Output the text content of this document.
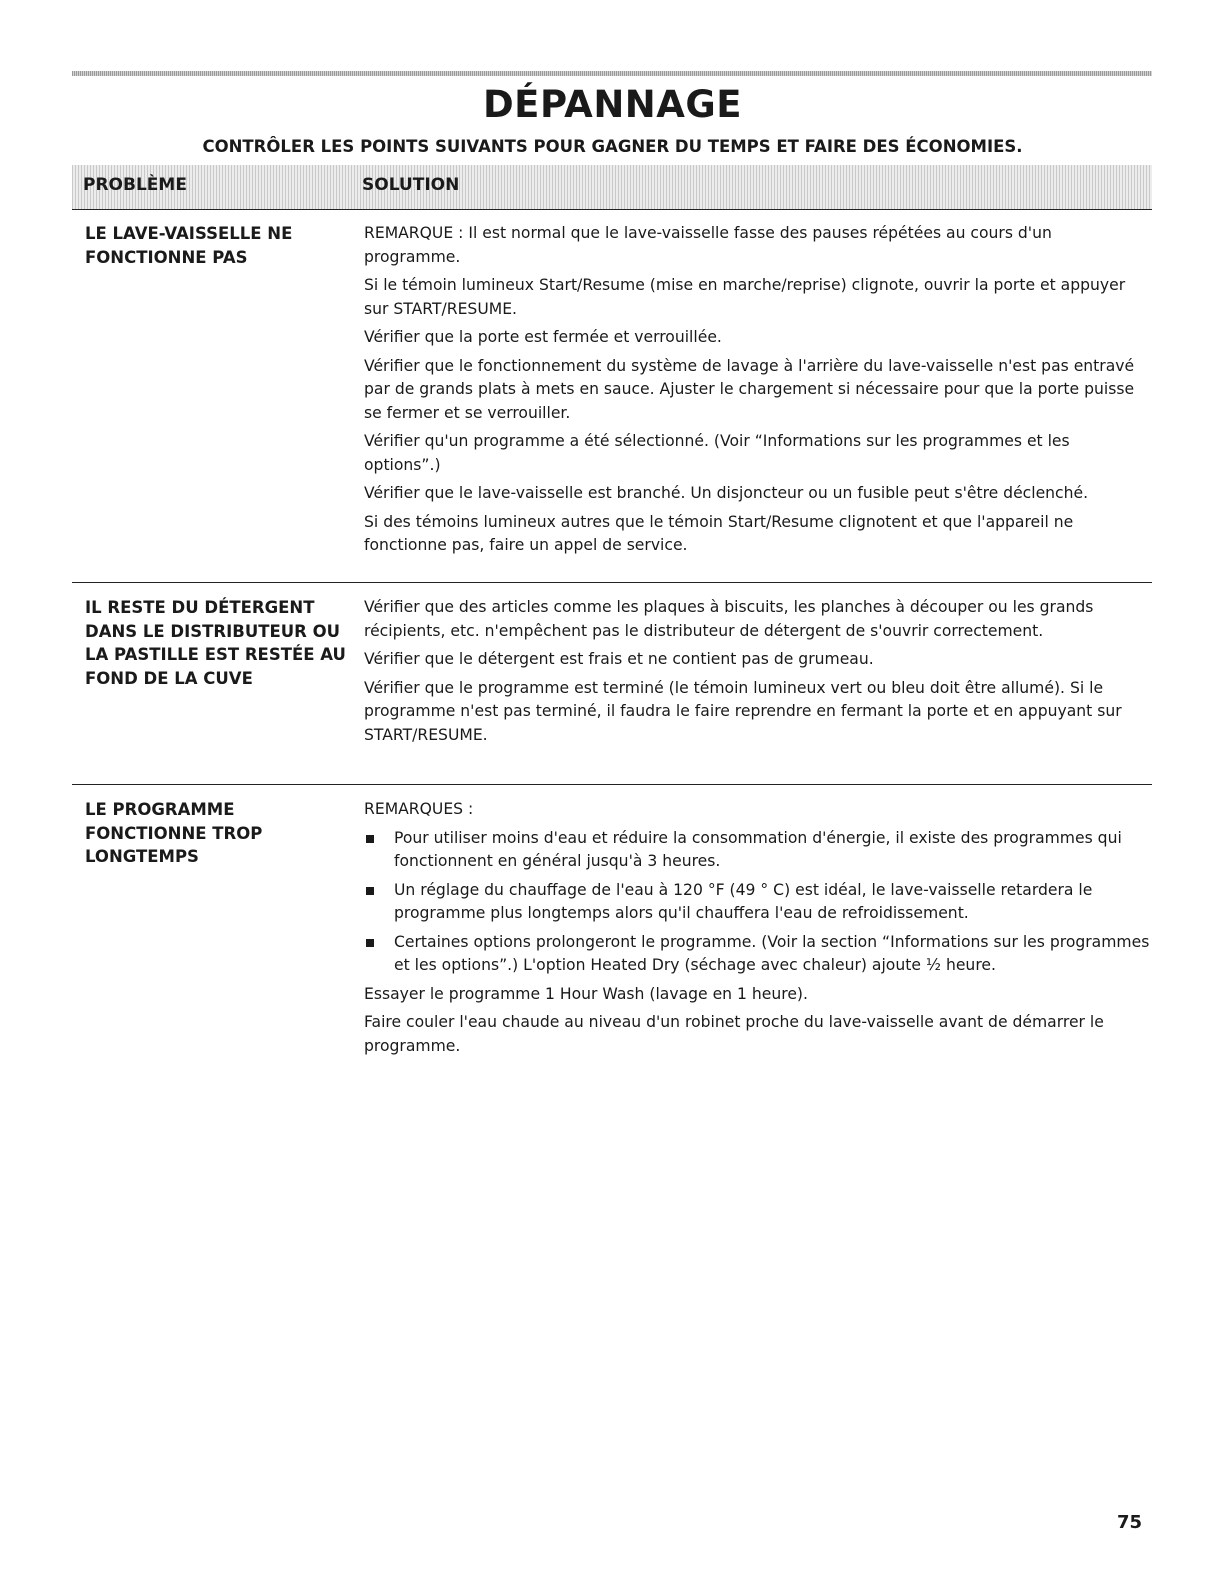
DÉPANNAGE
CONTRÔLER LES POINTS SUIVANTS POUR GAGNER DU TEMPS ET FAIRE DES ÉCONOMIES.
PROBLÈME	SOLUTION
LE LAVE-VAISSELLE NE
FONCTIONNE PAS

REMARQUE : Il est normal que le lave-vaisselle fasse des pauses répétées au cours d'un programme.

Si le témoin lumineux Start/Resume (mise en marche/reprise) clignote, ouvrir la porte et appuyer sur START/RESUME.

Vérifier que la porte est fermée et verrouillée.

Vérifier que le fonctionnement du système de lavage à l'arrière du lave-vaisselle n'est pas entravé par de grands plats à mets en sauce. Ajuster le chargement si nécessaire pour que la porte puisse se fermer et se verrouiller.

Vérifier qu'un programme a été sélectionné. (Voir “Informations sur les programmes et les options”.)

Vérifier que le lave-vaisselle est branché. Un disjoncteur ou un fusible peut s'être déclenché.

Si des témoins lumineux autres que le témoin Start/Resume clignotent et que l'appareil ne fonctionne pas, faire un appel de service.

IL RESTE DU DÉTERGENT
DANS LE DISTRIBUTEUR OU
LA PASTILLE EST RESTÉE AU
FOND DE LA CUVE

Vérifier que des articles comme les plaques à biscuits, les planches à découper ou les grands récipients, etc. n'empêchent pas le distributeur de détergent de s'ouvrir correctement.

Vérifier que le détergent est frais et ne contient pas de grumeau.

Vérifier que le programme est terminé (le témoin lumineux vert ou bleu doit être allumé). Si le programme n'est pas terminé, il faudra le faire reprendre en fermant la porte et en appuyant sur START/RESUME.

LE PROGRAMME
FONCTIONNE TROP
LONGTEMPS

REMARQUES :

Pour utiliser moins d'eau et réduire la consommation d'énergie, il existe des programmes qui fonctionnent en général jusqu'à 3 heures.
Un réglage du chauffage de l'eau à 120 °F (49 ° C) est idéal, le lave-vaisselle retardera le programme plus longtemps alors qu'il chauffera l'eau de refroidissement.
Certaines options prolongeront le programme. (Voir la section “Informations sur les programmes et les options”.) L'option Heated Dry (séchage avec chaleur) ajoute ½ heure.

Essayer le programme 1 Hour Wash (lavage en 1 heure).

Faire couler l'eau chaude au niveau d'un robinet proche du lave-vaisselle avant de démarrer le programme.

75
